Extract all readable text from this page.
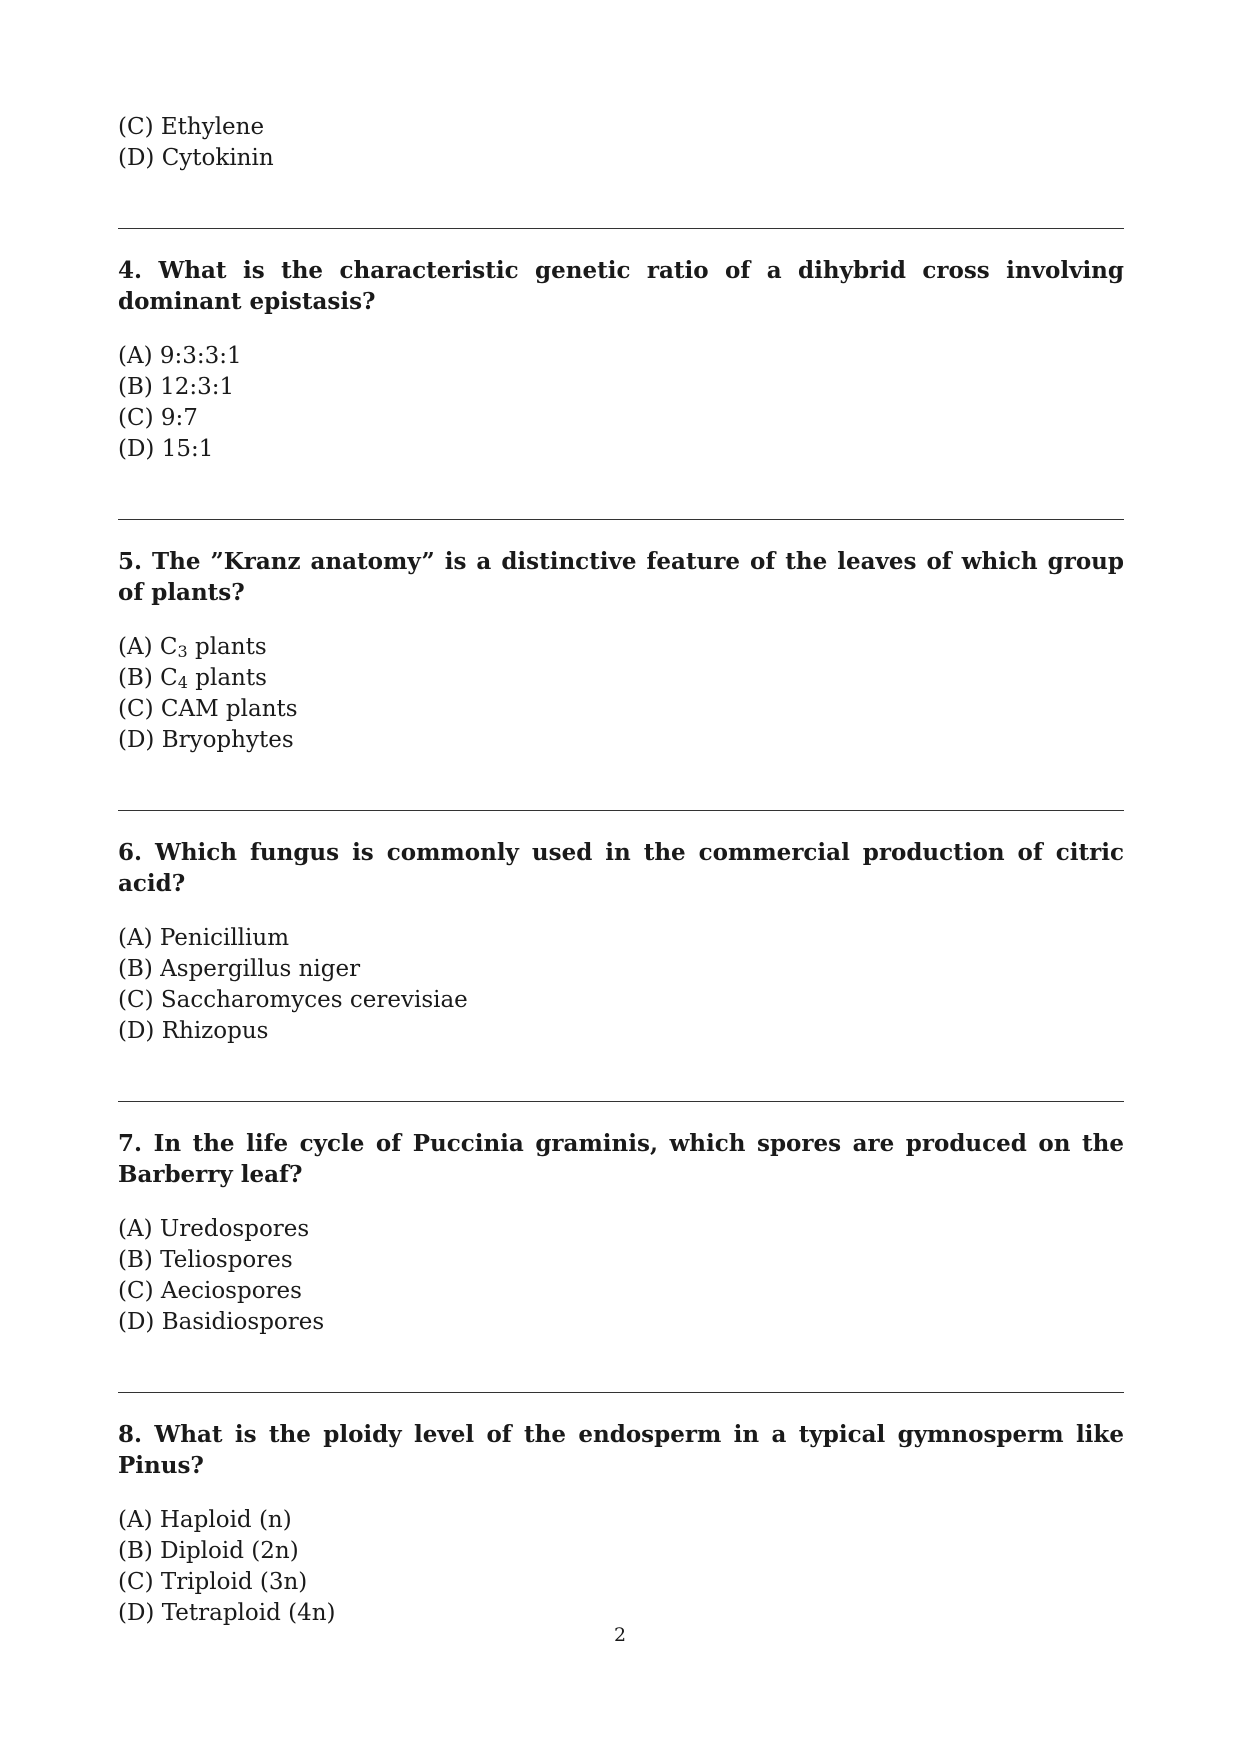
(C) Ethylene
(D) Cytokinin

4. What is the characteristic genetic ratio of a dihybrid cross involving dominant epistasis?

(A) 9:3:3:1
(B) 12:3:1
(C) 9:7
(D) 15:1

5. The ”Kranz anatomy” is a distinctive feature of the leaves of which group of plants?

(A) $C_3$ plants
(B) $C_4$ plants
(C) CAM plants
(D) Bryophytes

6. Which fungus is commonly used in the commercial production of citric acid?

(A) Penicillium
(B) Aspergillus niger
(C) Saccharomyces cerevisiae
(D) Rhizopus

7. In the life cycle of Puccinia graminis, which spores are produced on the Barberry leaf?

(A) Uredospores
(B) Teliospores
(C) Aeciospores
(D) Basidiospores

8. What is the ploidy level of the endosperm in a typical gymnosperm like Pinus?

(A) Haploid (n)
(B) Diploid (2n)
(C) Triploid (3n)
(D) Tetraploid (4n)
2
